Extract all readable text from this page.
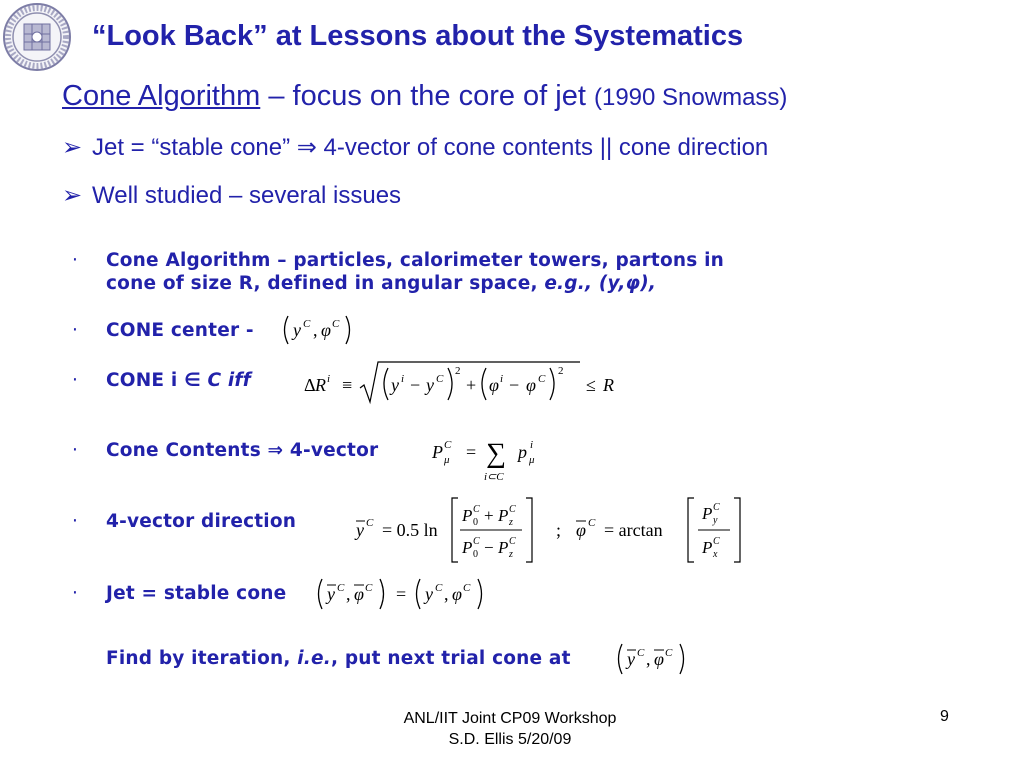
“Look Back” at Lessons about the Systematics
Cone Algorithm – focus on the core of jet (1990 Snowmass)
➢ Jet = “stable cone” ⇒ 4-vector of cone contents || cone direction
➢ Well studied – several issues
· Cone Algorithm – particles, calorimeter towers, partons in
cone of size R, defined in angular space, e.g., (y,φ),
· CONE center - y C , φ C
· CONE i ∈ C iff	Δ R i ≡ y i − y C
2
+ φ i − φ C
2
≤ R
· Cone Contents ⇒ 4-vector	P C
μ = ∑
i⊂C
p i
μ
· 4-vector direction	y C = 0.5 ln
P C
0 + P C
z
P C
0 − P C
z
; φ C = arctan
P C
y
P C
x
· Jet = stable cone y C , φ C = y C , φ C
Find by iteration, i.e., put next trial cone at	y C , φ C
ANL/IIT Joint CP09 Workshop
S.D. Ellis 5/20/09
9
